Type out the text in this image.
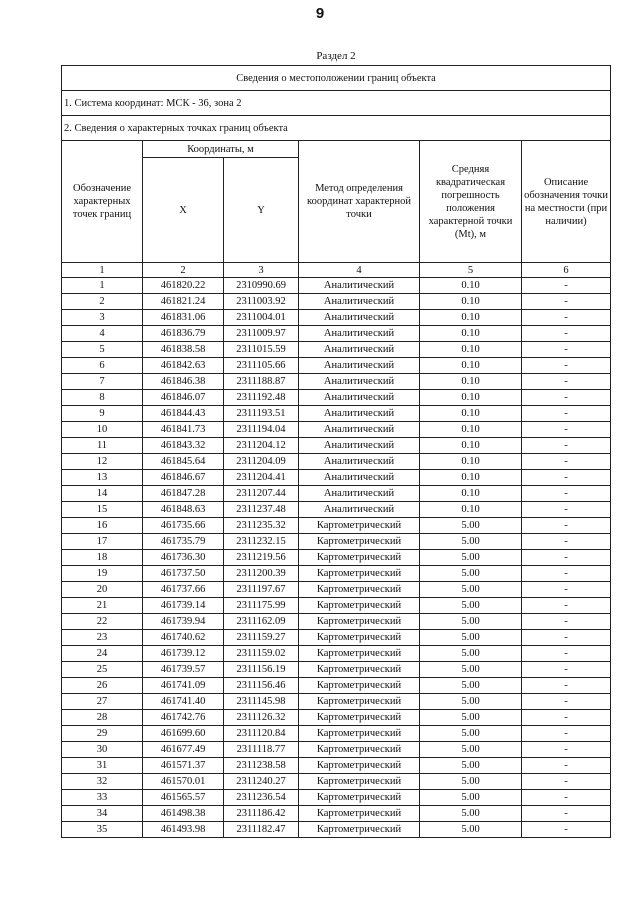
9
Раздел 2
Сведения о местоположении границ объекта					
1. Система координат: МСК - 36, зона 2					
2. Сведения о характерных точках границ объекта					
Обозначение характерных точек границ	Координаты, м		Метод определения координат характерной точки	Средняя квадратическая погрешность положения характерной точки (Mt), м	Описание обозначения точки на местности (при наличии)
	X	Y			
1	2	3	4	5	6
1	461820.22	2310990.69	Аналитический	0.10	-
2	461821.24	2311003.92	Аналитический	0.10	-
3	461831.06	2311004.01	Аналитический	0.10	-
4	461836.79	2311009.97	Аналитический	0.10	-
5	461838.58	2311015.59	Аналитический	0.10	-
6	461842.63	2311105.66	Аналитический	0.10	-
7	461846.38	2311188.87	Аналитический	0.10	-
8	461846.07	2311192.48	Аналитический	0.10	-
9	461844.43	2311193.51	Аналитический	0.10	-
10	461841.73	2311194.04	Аналитический	0.10	-
11	461843.32	2311204.12	Аналитический	0.10	-
12	461845.64	2311204.09	Аналитический	0.10	-
13	461846.67	2311204.41	Аналитический	0.10	-
14	461847.28	2311207.44	Аналитический	0.10	-
15	461848.63	2311237.48	Аналитический	0.10	-
16	461735.66	2311235.32	Картометрический	5.00	-
17	461735.79	2311232.15	Картометрический	5.00	-
18	461736.30	2311219.56	Картометрический	5.00	-
19	461737.50	2311200.39	Картометрический	5.00	-
20	461737.66	2311197.67	Картометрический	5.00	-
21	461739.14	2311175.99	Картометрический	5.00	-
22	461739.94	2311162.09	Картометрический	5.00	-
23	461740.62	2311159.27	Картометрический	5.00	-
24	461739.12	2311159.02	Картометрический	5.00	-
25	461739.57	2311156.19	Картометрический	5.00	-
26	461741.09	2311156.46	Картометрический	5.00	-
27	461741.40	2311145.98	Картометрический	5.00	-
28	461742.76	2311126.32	Картометрический	5.00	-
29	461699.60	2311120.84	Картометрический	5.00	-
30	461677.49	2311118.77	Картометрический	5.00	-
31	461571.37	2311238.58	Картометрический	5.00	-
32	461570.01	2311240.27	Картометрический	5.00	-
33	461565.57	2311236.54	Картометрический	5.00	-
34	461498.38	2311186.42	Картометрический	5.00	-
35	461493.98	2311182.47	Картометрический	5.00	-
